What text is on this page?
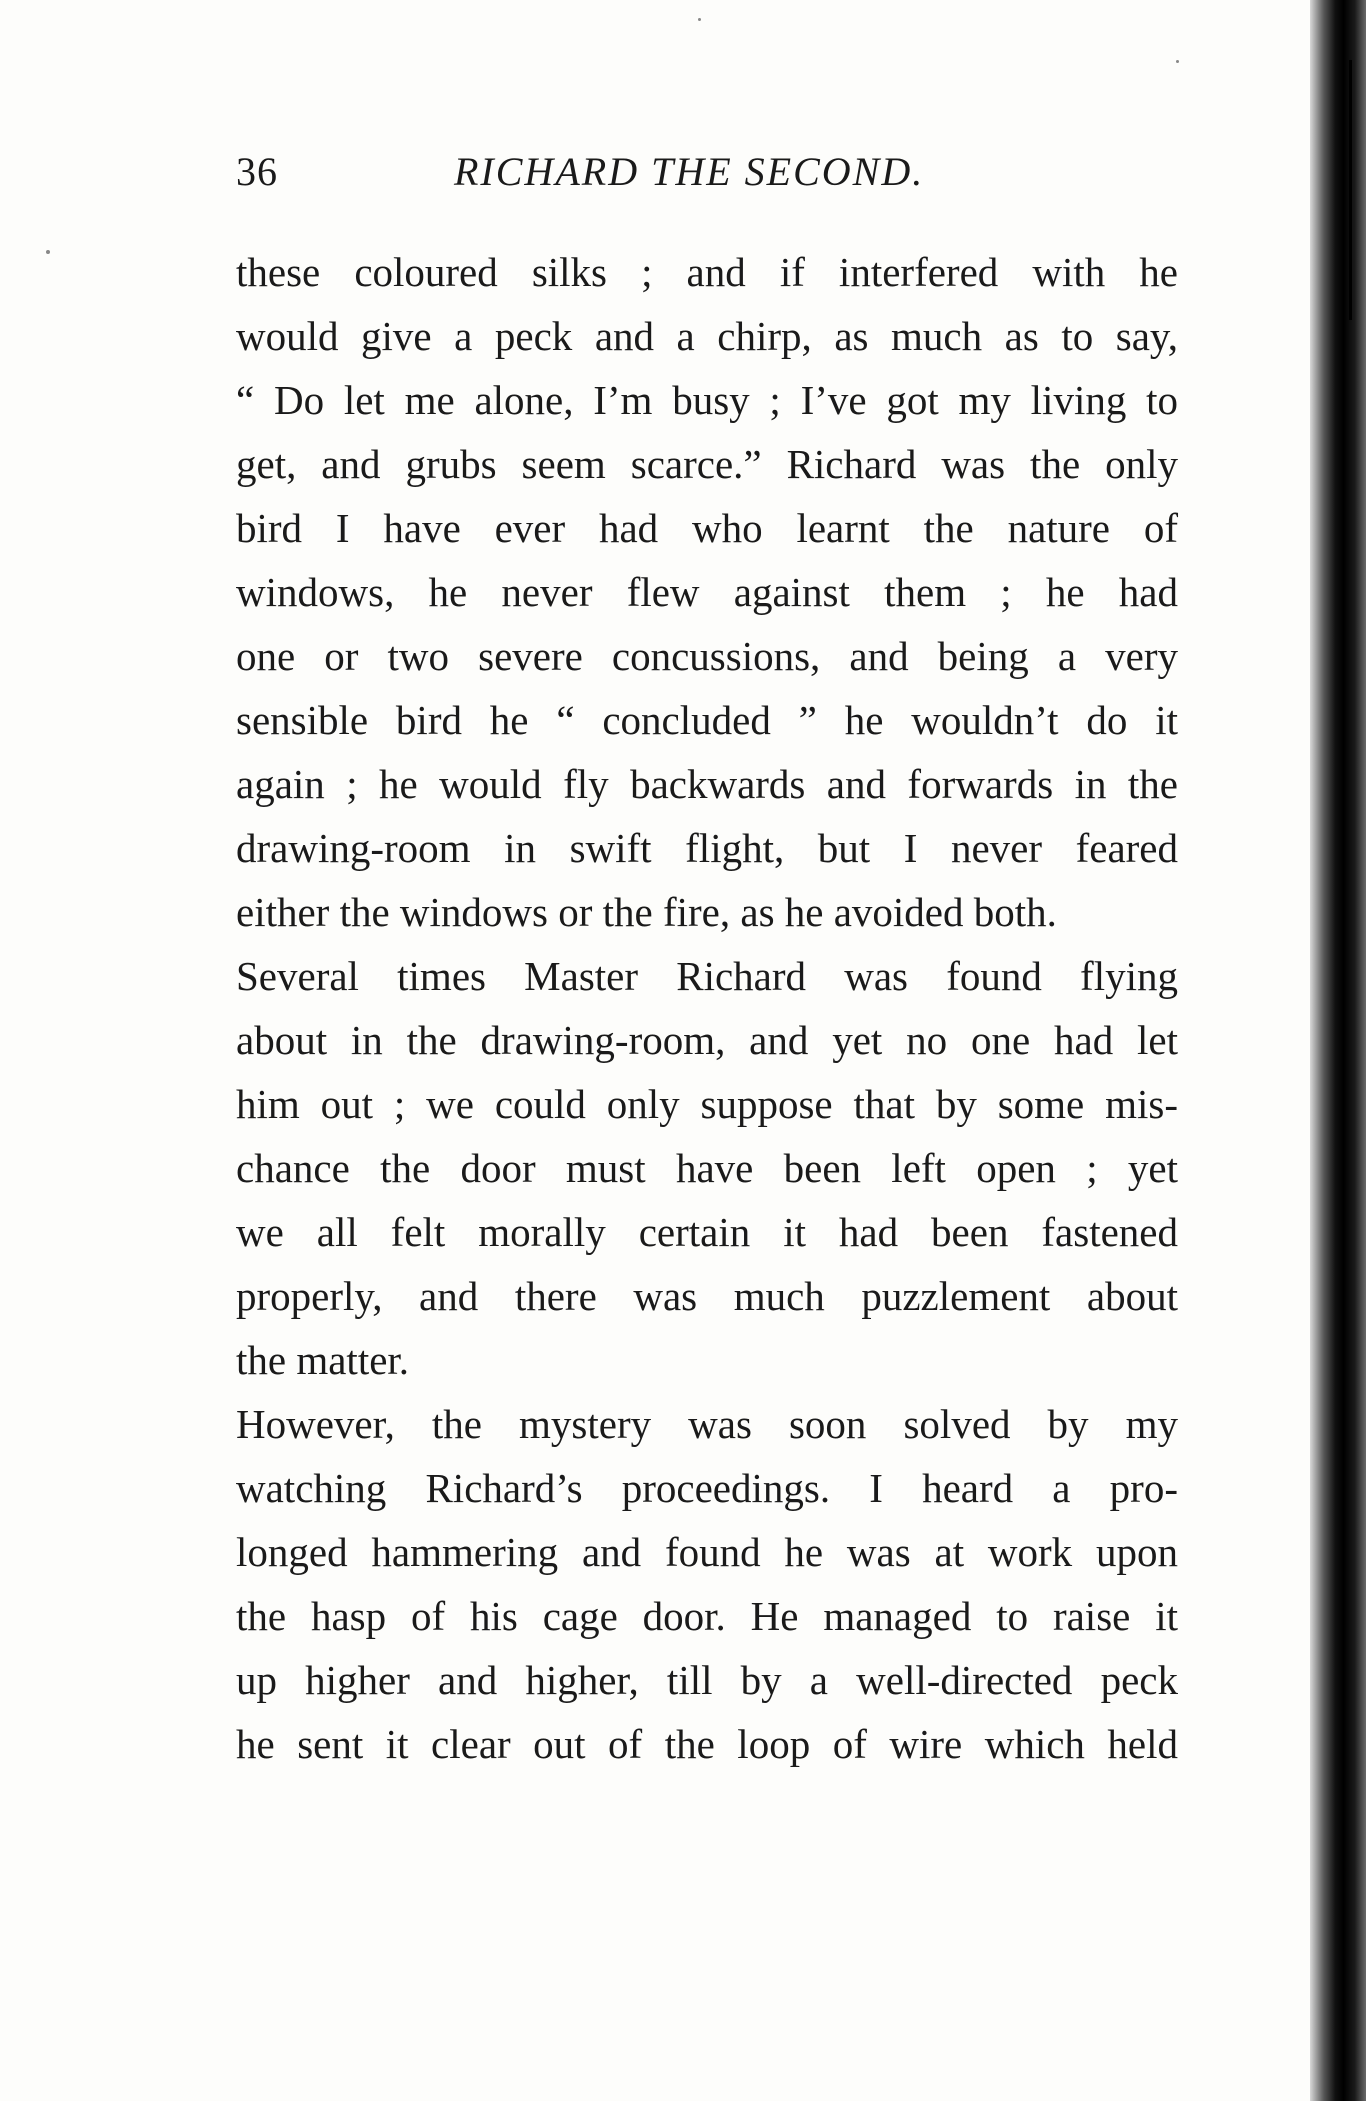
36	RICHARD THE SECOND.
these coloured silks ; and if interfered with he
would give a peck and a chirp, as much as to say,
“ Do let me alone, I’m busy ; I’ve got my living to
get, and grubs seem scarce.” Richard was the only
bird I have ever had who learnt the nature of
windows, he never flew against them ; he had
one or two severe concussions, and being a very
sensible bird he “ concluded ” he wouldn’t do it
again ; he would fly backwards and forwards in the
drawing-room in swift flight, but I never feared
either the windows or the fire, as he avoided both.
Several times Master Richard was found flying
about in the drawing-room, and yet no one had let
him out ; we could only suppose that by some mis-
chance the door must have been left open ; yet
we all felt morally certain it had been fastened
properly, and there was much puzzlement about
the matter.
However, the mystery was soon solved by my
watching Richard’s proceedings. I heard a pro-
longed hammering and found he was at work upon
the hasp of his cage door. He managed to raise it
up higher and higher, till by a well-directed peck
he sent it clear out of the loop of wire which held
